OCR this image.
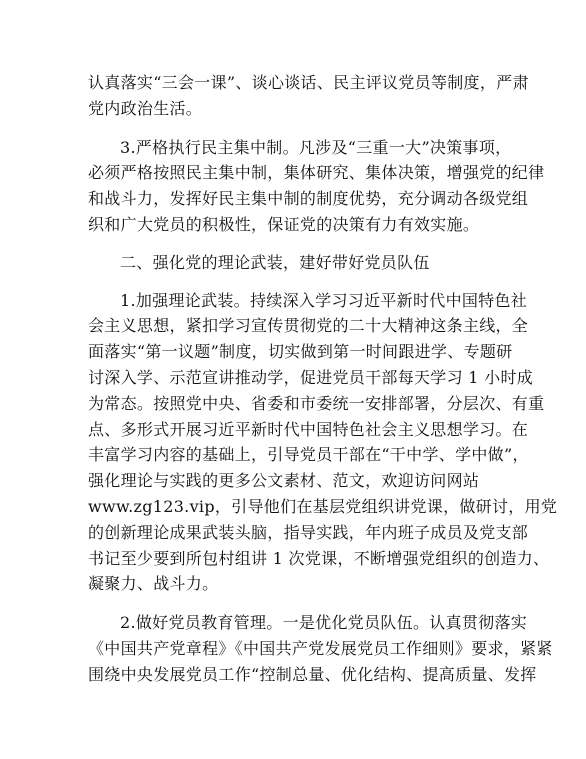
认真落实“三会一课”、谈心谈话、民主评议党员等制度，严肃
党内政治生活。
3.严格执行民主集中制。凡涉及“三重一大”决策事项，
必须严格按照民主集中制，集体研究、集体决策，增强党的纪律
和战斗力，发挥好民主集中制的制度优势，充分调动各级党组
织和广大党员的积极性，保证党的决策有力有效实施。
二、强化党的理论武装，建好带好党员队伍
1.加强理论武装。持续深入学习习近平新时代中国特色社
会主义思想，紧扣学习宣传贯彻党的二十大精神这条主线，全
面落实“第一议题”制度，切实做到第一时间跟进学、专题研
讨深入学、示范宣讲推动学，促进党员干部每天学习 1 小时成
为常态。按照党中央、省委和市委统一安排部署，分层次、有重
点、多形式开展习近平新时代中国特色社会主义思想学习。在
丰富学习内容的基础上，引导党员干部在“干中学、学中做”，
强化理论与实践的更多公文素材、范文，欢迎访问网站
www.zg123.vip，引导他们在基层党组织讲党课，做研讨，用党
的创新理论成果武装头脑，指导实践，年内班子成员及党支部
书记至少要到所包村组讲 1 次党课，不断增强党组织的创造力、
凝聚力、战斗力。
2.做好党员教育管理。一是优化党员队伍。认真贯彻落实
《中国共产党章程》《中国共产党发展党员工作细则》要求，紧紧
围绕中央发展党员工作“控制总量、优化结构、提高质量、发挥
